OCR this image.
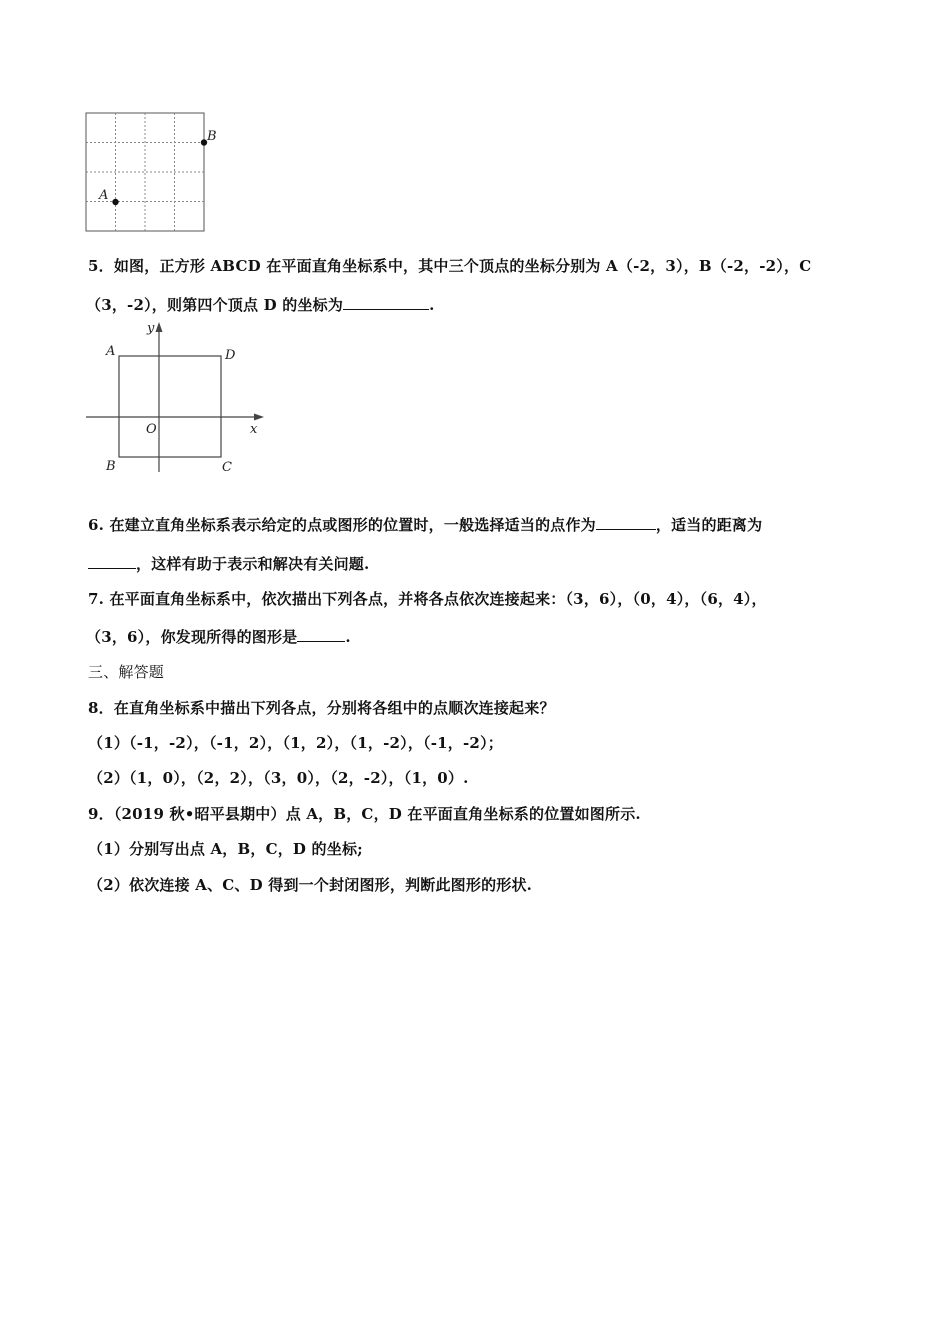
B
A
5．如图，正方形 ABCD 在平面直角坐标系中，其中三个顶点的坐标分别为 A（-2，3），B（-2，-2），C
（3，-2），则第四个顶点 D 的坐标为	.
y
x
A	D
O
B	C
6. 在建立直角坐标系表示给定的点或图形的位置时，一般选择适当的点作为	，适当的距离为
，这样有助于表示和解决有关问题.
7. 在平面直角坐标系中，依次描出下列各点，并将各点依次连接起来：（3，6），（0，4），（6，4），
（3，6），你发现所得的图形是	.
三、解答题
8．在直角坐标系中描出下列各点，分别将各组中的点顺次连接起来？
（1）（-1，-2），（-1，2），（1，2），（1，-2），（-1，-2）；
（2）（1，0），（2，2），（3，0），（2，-2），（1，0）.
9．（2019 秋•昭平县期中）点 A，B，C，D 在平面直角坐标系的位置如图所示.
（1）分别写出点 A，B，C，D 的坐标;
（2）依次连接 A、C、D 得到一个封闭图形，判断此图形的形状.
